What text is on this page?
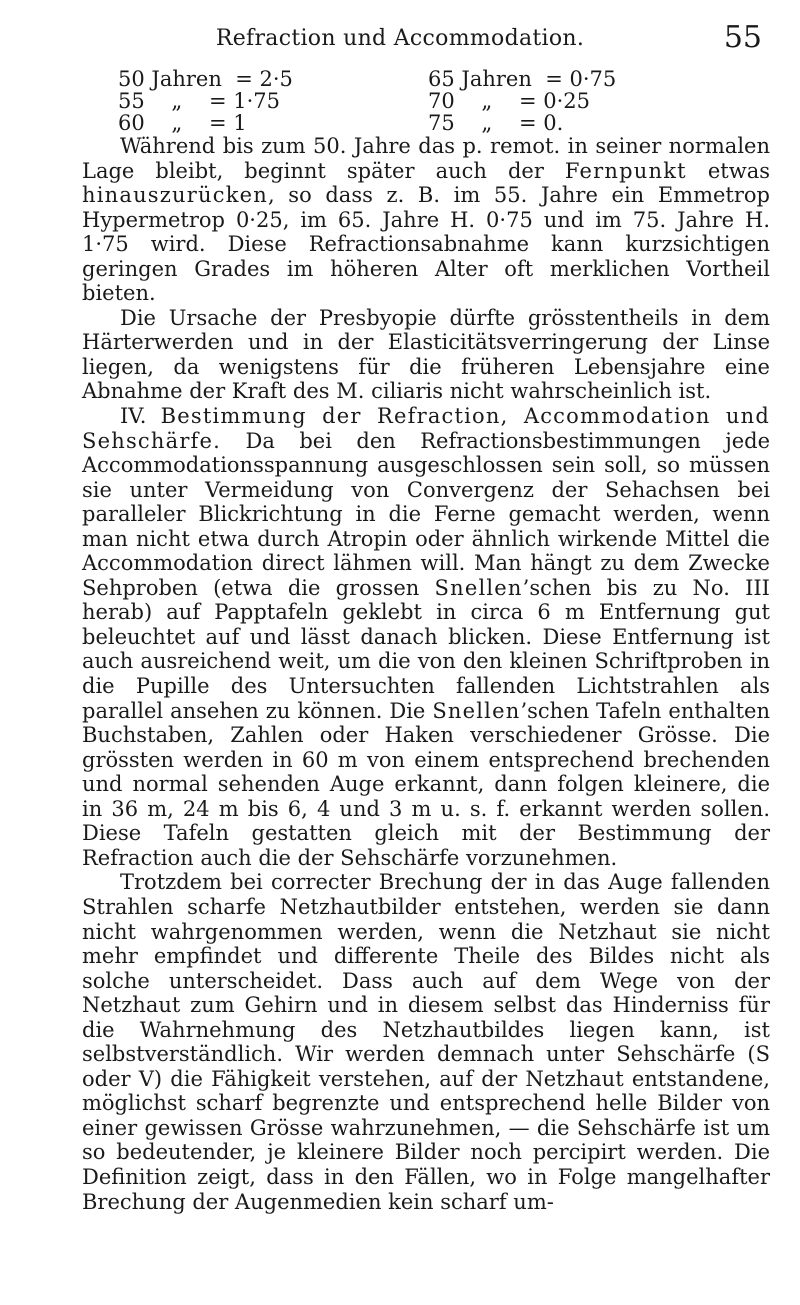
Refraction und Accommodation.	55
50 Jahren  = 2·5	65 Jahren  = 0·75
55    „    = 1·75	70    „    = 0·25
60    „    = 1	75    „    = 0.

Während bis zum 50. Jahre das p. remot. in seiner normalen Lage bleibt, beginnt später auch der Fernpunkt etwas hinauszurücken, so dass z. B. im 55. Jahre ein Emmetrop Hypermetrop 0·25, im 65. Jahre H. 0·75 und im 75. Jahre H. 1·75 wird. Diese Refractionsabnahme kann kurzsichtigen geringen Grades im höheren Alter oft merklichen Vortheil bieten.

Die Ursache der Presbyopie dürfte grösstentheils in dem Härterwerden und in der Elasticitätsverringerung der Linse liegen, da wenigstens für die früheren Lebensjahre eine Abnahme der Kraft des M. ciliaris nicht wahrscheinlich ist.

IV. Bestimmung der Refraction, Accommodation und Sehschärfe. Da bei den Refractionsbestimmungen jede Accommodationsspannung ausgeschlossen sein soll, so müssen sie unter Vermeidung von Convergenz der Sehachsen bei paralleler Blickrichtung in die Ferne gemacht werden, wenn man nicht etwa durch Atropin oder ähnlich wirkende Mittel die Accommodation direct lähmen will. Man hängt zu dem Zwecke Sehproben (etwa die grossen Snellen’schen bis zu No. III herab) auf Papptafeln geklebt in circa 6 m Entfernung gut beleuchtet auf und lässt danach blicken. Diese Entfernung ist auch ausreichend weit, um die von den kleinen Schriftproben in die Pupille des Untersuchten fallenden Lichtstrahlen als parallel ansehen zu können. Die Snellen’schen Tafeln enthalten Buchstaben, Zahlen oder Haken verschiedener Grösse. Die grössten werden in 60 m von einem entsprechend brechenden und normal sehenden Auge erkannt, dann folgen kleinere, die in 36 m, 24 m bis 6, 4 und 3 m u. s. f. erkannt werden sollen. Diese Tafeln gestatten gleich mit der Bestimmung der Refraction auch die der Sehschärfe vorzunehmen.

Trotzdem bei correcter Brechung der in das Auge fallenden Strahlen scharfe Netzhautbilder entstehen, werden sie dann nicht wahrgenommen werden, wenn die Netzhaut sie nicht mehr empfindet und differente Theile des Bildes nicht als solche unterscheidet. Dass auch auf dem Wege von der Netzhaut zum Gehirn und in diesem selbst das Hinderniss für die Wahrnehmung des Netzhautbildes liegen kann, ist selbstverständlich. Wir werden demnach unter Sehschärfe (S oder V) die Fähigkeit verstehen, auf der Netzhaut entstandene, möglichst scharf begrenzte und entsprechend helle Bilder von einer gewissen Grösse wahrzunehmen, — die Sehschärfe ist um so bedeutender, je kleinere Bilder noch percipirt werden. Die Definition zeigt, dass in den Fällen, wo in Folge mangelhafter Brechung der Augenmedien kein scharf um-
